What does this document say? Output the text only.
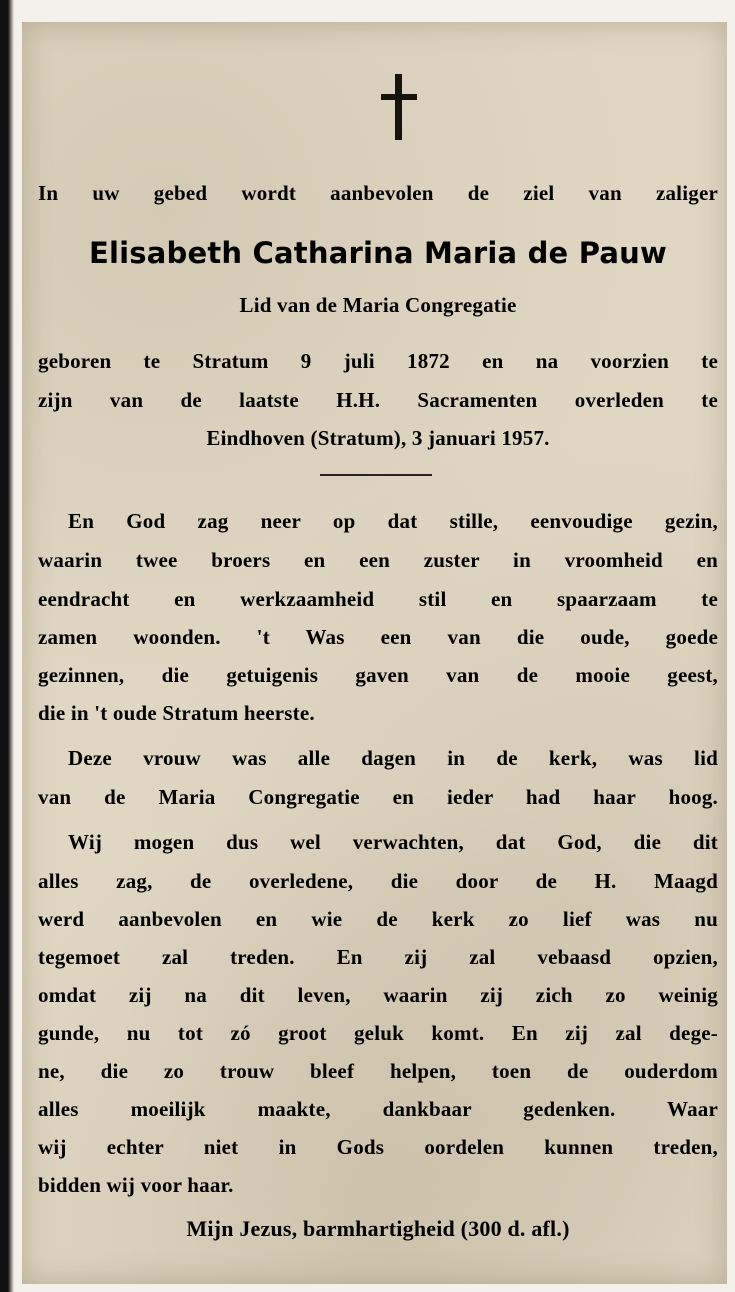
In uw gebed wordt aanbevolen de ziel van zaliger
Elisabeth Catharina Maria de Pauw
Lid van de Maria Congregatie
geboren te Stratum 9 juli 1872 en na voorzien te
zijn van de laatste H.H. Sacramenten overleden te
Eindhoven (Stratum), 3 januari 1957.
En God zag neer op dat stille, eenvoudige gezin,
waarin twee broers en een zuster in vroomheid en
eendracht en werkzaamheid stil en spaarzaam te
zamen woonden. 't Was een van die oude, goede
gezinnen, die getuigenis gaven van de mooie geest,
die in 't oude Stratum heerste.
Deze vrouw was alle dagen in de kerk, was lid
van de Maria Congregatie en ieder had haar hoog.
Wij mogen dus wel verwachten, dat God, die dit
alles zag, de overledene, die door de H. Maagd
werd aanbevolen en wie de kerk zo lief was nu
tegemoet zal treden. En zij zal vebaasd opzien,
omdat zij na dit leven, waarin zij zich zo weinig
gunde, nu tot zó groot geluk komt. En zij zal dege-
ne, die zo trouw bleef helpen, toen de ouderdom
alles moeilijk maakte, dankbaar gedenken. Waar
wij echter niet in Gods oordelen kunnen treden,
bidden wij voor haar.
Mijn Jezus, barmhartigheid (300 d. afl.)
